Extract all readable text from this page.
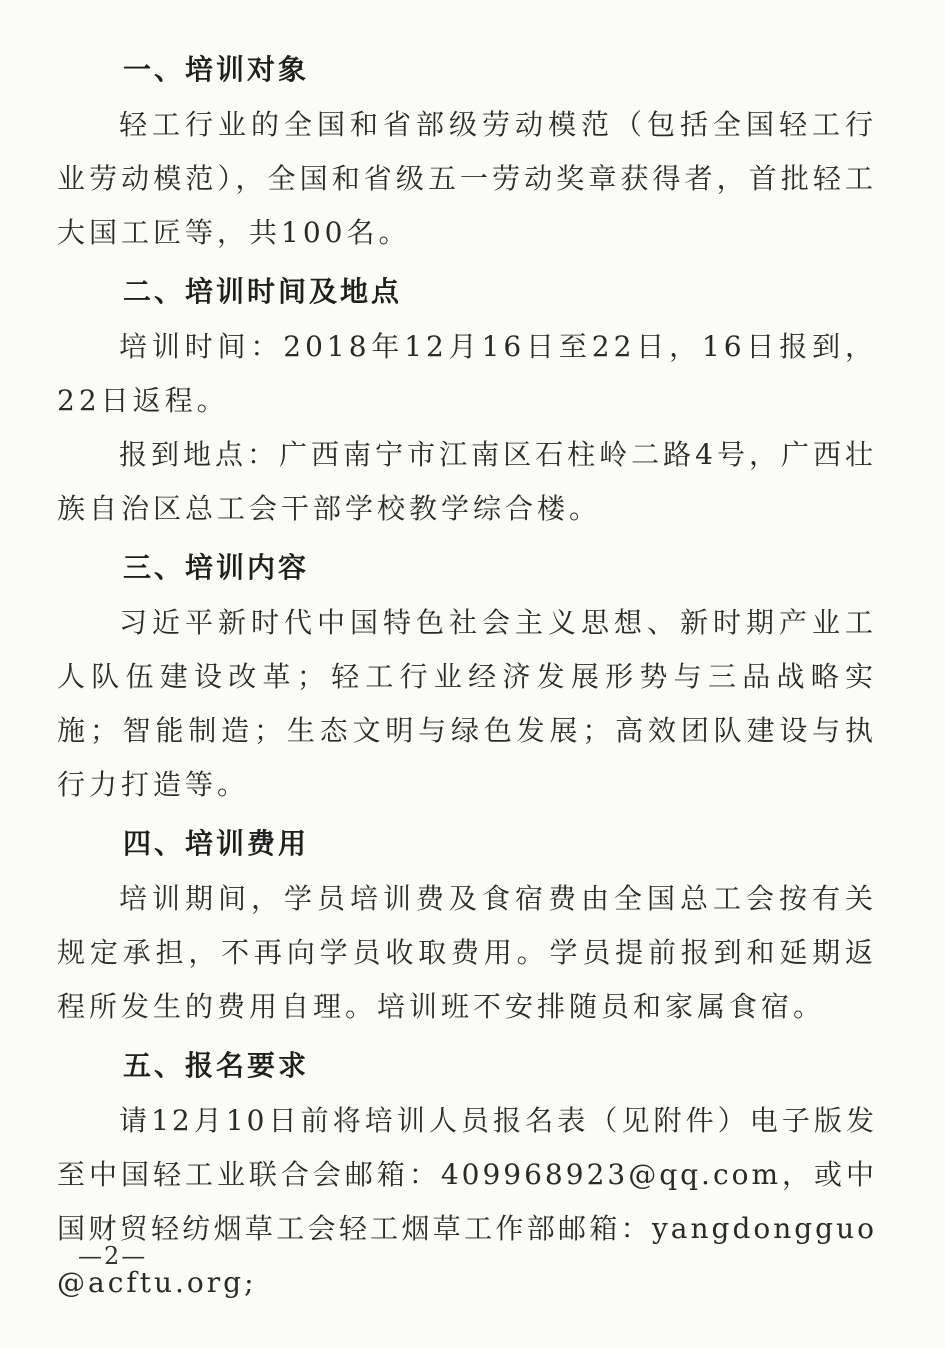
一、培训对象

轻工行业的全国和省部级劳动模范（包括全国轻工行业劳动模范），全国和省级五一劳动奖章获得者，首批轻工大国工匠等，共100名。

二、培训时间及地点

培训时间：2018年12月16日至22日，16日报到，22日返程。

报到地点：广西南宁市江南区石柱岭二路4号，广西壮族自治区总工会干部学校教学综合楼。

三、培训内容

习近平新时代中国特色社会主义思想、新时期产业工人队伍建设改革；轻工行业经济发展形势与三品战略实施；智能制造；生态文明与绿色发展；高效团队建设与执行力打造等。

四、培训费用

培训期间，学员培训费及食宿费由全国总工会按有关规定承担，不再向学员收取费用。学员提前报到和延期返程所发生的费用自理。培训班不安排随员和家属食宿。

五、报名要求

请12月10日前将培训人员报名表（见附件）电子版发至中国轻工业联合会邮箱：409968923@qq.com，或中国财贸轻纺烟草工会轻工烟草工作部邮箱：yangdongguo@acftu.org;

—2—
